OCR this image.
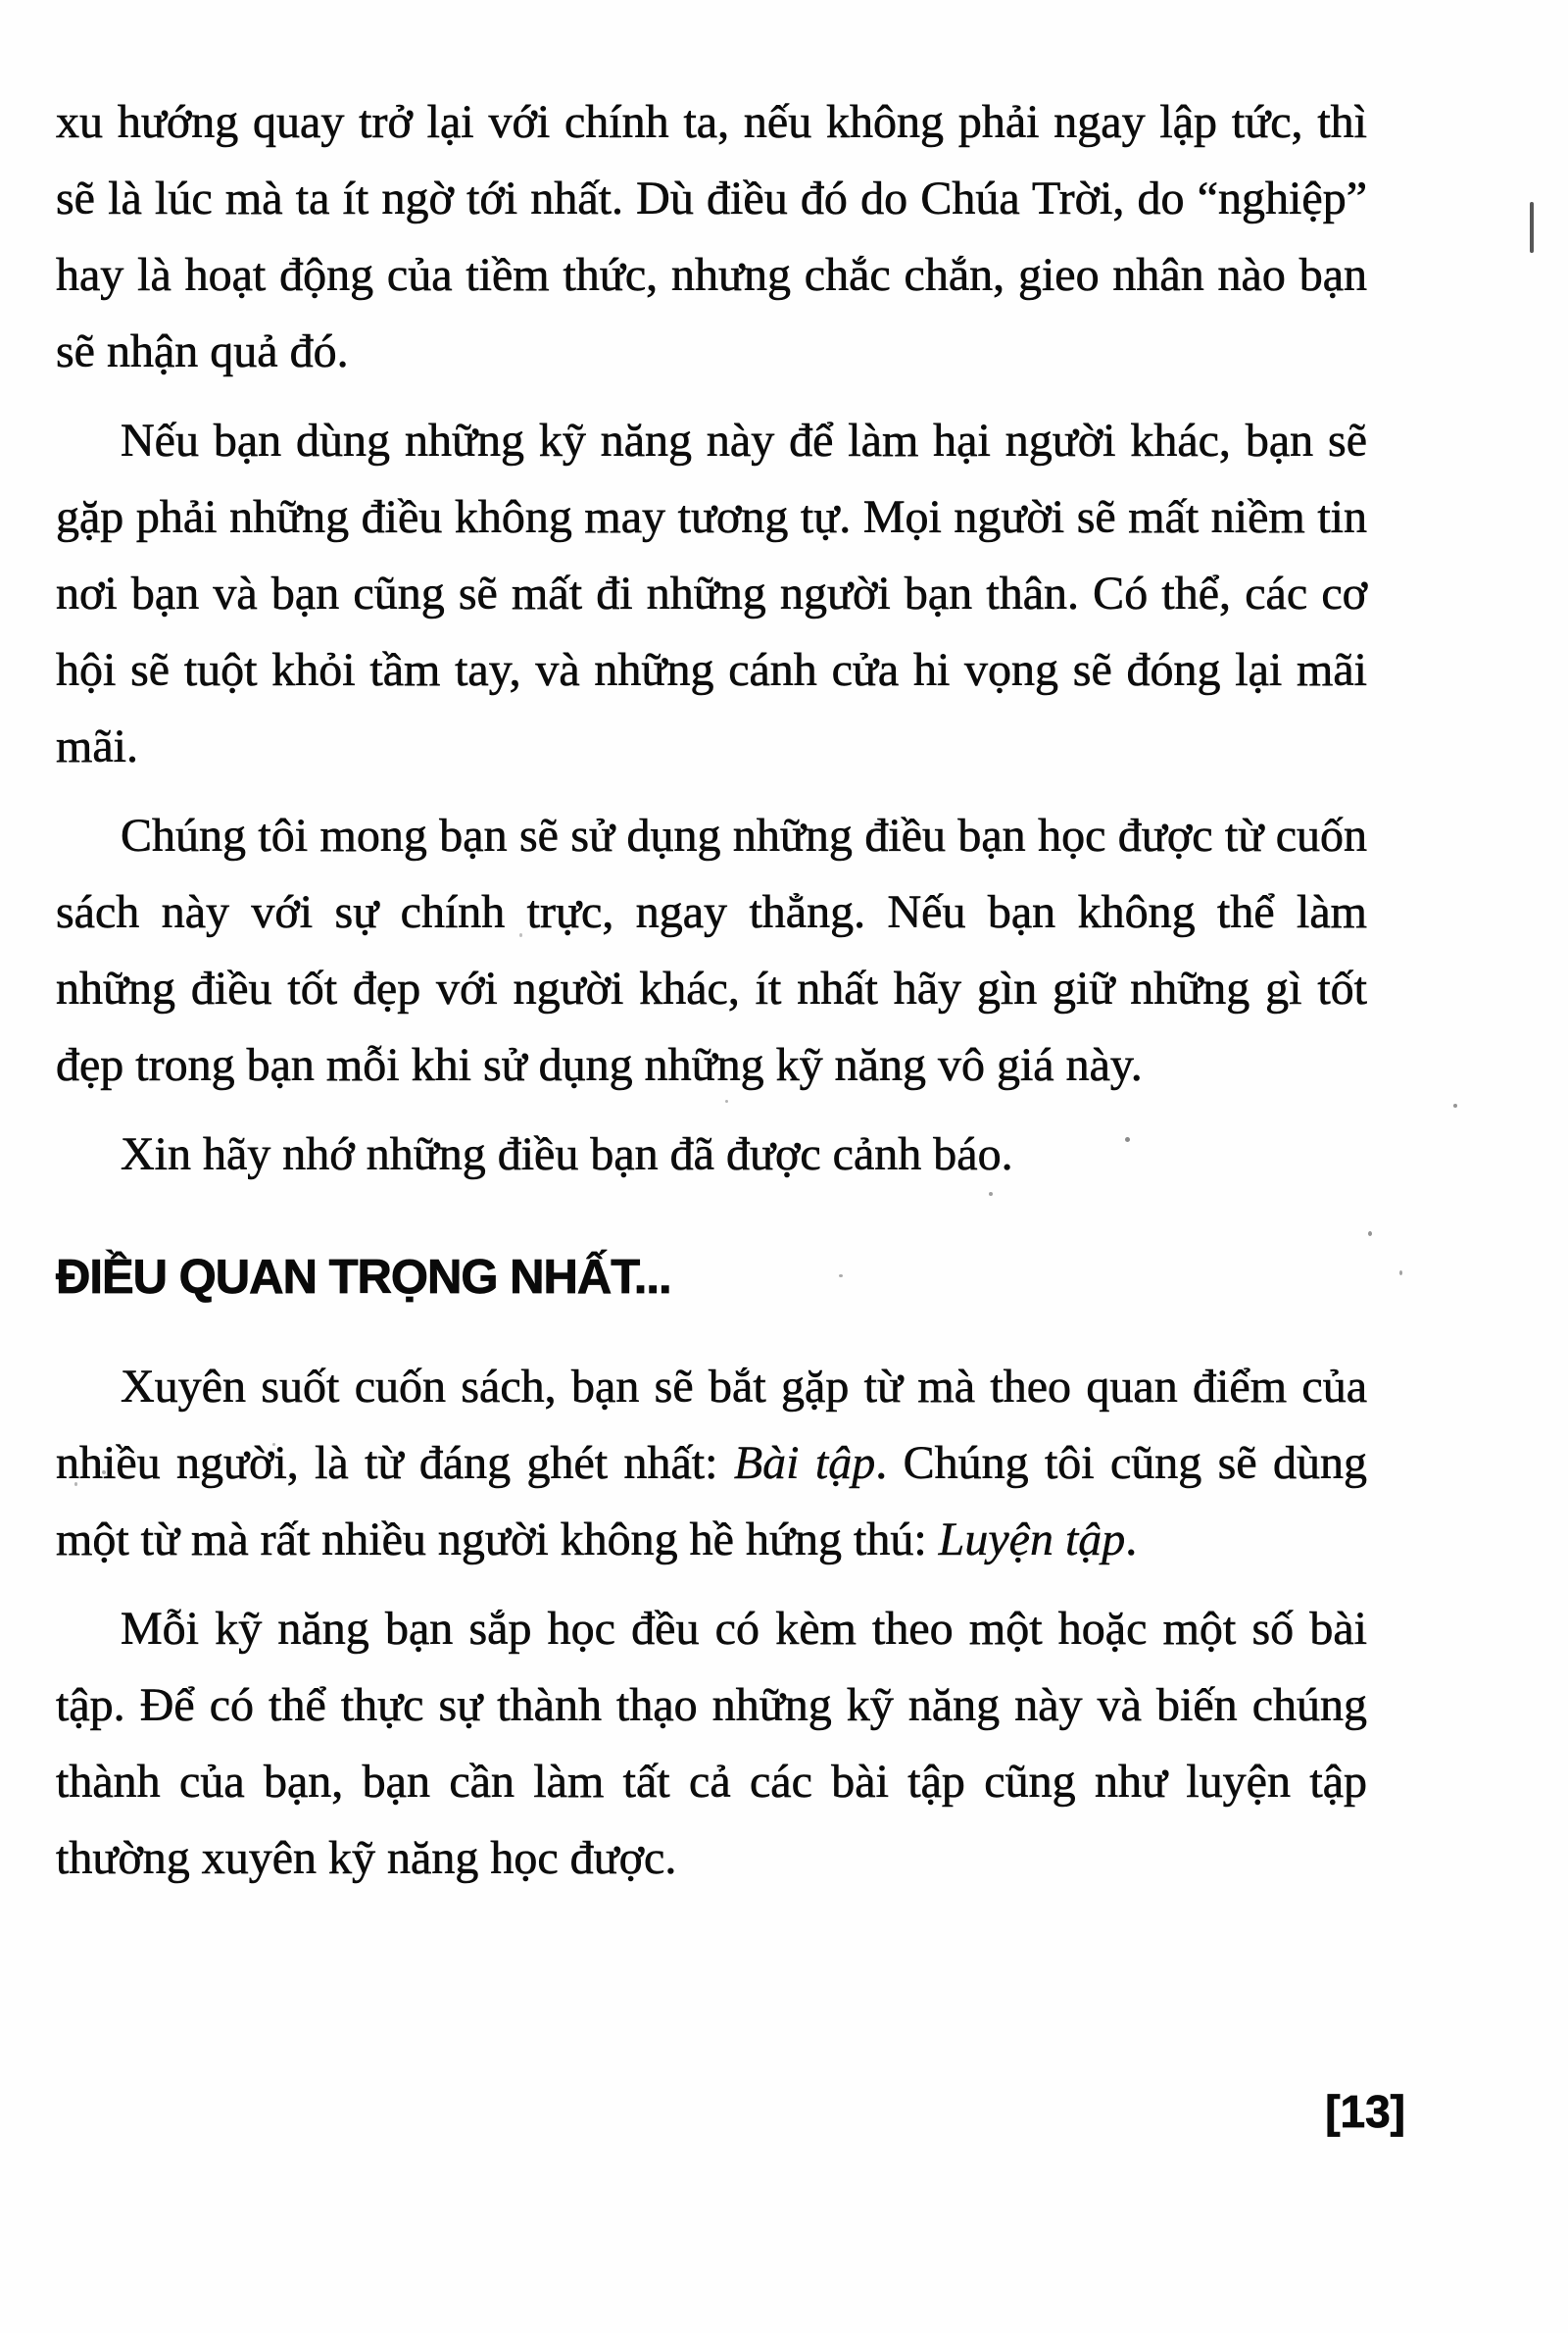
xu hướng quay trở lại với chính ta, nếu không phải ngay lập tức, thì sẽ là lúc mà ta ít ngờ tới nhất. Dù điều đó do Chúa Trời, do “nghiệp” hay là hoạt động của tiềm thức, nhưng chắc chắn, gieo nhân nào bạn sẽ nhận quả đó.

Nếu bạn dùng những kỹ năng này để làm hại người khác, bạn sẽ gặp phải những điều không may tương tự. Mọi người sẽ mất niềm tin nơi bạn và bạn cũng sẽ mất đi những người bạn thân. Có thể, các cơ hội sẽ tuột khỏi tầm tay, và những cánh cửa hi vọng sẽ đóng lại mãi mãi.

Chúng tôi mong bạn sẽ sử dụng những điều bạn học được từ cuốn sách này với sự chính trực, ngay thẳng. Nếu bạn không thể làm những điều tốt đẹp với người khác, ít nhất hãy gìn giữ những gì tốt đẹp trong bạn mỗi khi sử dụng những kỹ năng vô giá này.

Xin hãy nhớ những điều bạn đã được cảnh báo.

ĐIỀU QUAN TRỌNG NHẤT...

Xuyên suốt cuốn sách, bạn sẽ bắt gặp từ mà theo quan điểm của nhiều người, là từ đáng ghét nhất: Bài tập. Chúng tôi cũng sẽ dùng một từ mà rất nhiều người không hề hứng thú: Luyện tập.

Mỗi kỹ năng bạn sắp học đều có kèm theo một hoặc một số bài tập. Để có thể thực sự thành thạo những kỹ năng này và biến chúng thành của bạn, bạn cần làm tất cả các bài tập cũng như luyện tập thường xuyên kỹ năng học được.

[13]
